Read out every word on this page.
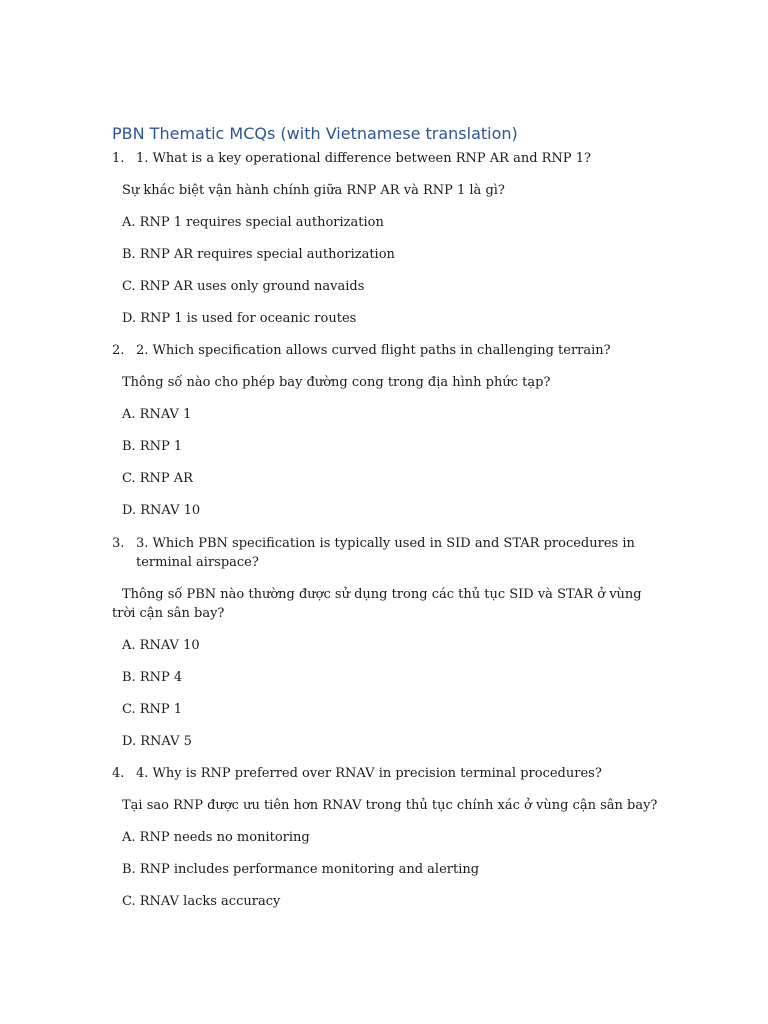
PBN Thematic MCQs (with Vietnamese translation)
1. 1. What is a key operational difference between RNP AR and RNP 1?
Sự khác biệt vận hành chính giữa RNP AR và RNP 1 là gì?
A. RNP 1 requires special authorization
B. RNP AR requires special authorization
C. RNP AR uses only ground navaids
D. RNP 1 is used for oceanic routes
2. 2. Which specification allows curved flight paths in challenging terrain?
Thông số nào cho phép bay đường cong trong địa hình phức tạp?
A. RNAV 1
B. RNP 1
C. RNP AR
D. RNAV 10
3. 3. Which PBN specification is typically used in SID and STAR procedures in terminal airspace?
Thông số PBN nào thường được sử dụng trong các thủ tục SID và STAR ở vùng trời cận sân bay?
A. RNAV 10
B. RNP 4
C. RNP 1
D. RNAV 5
4. 4. Why is RNP preferred over RNAV in precision terminal procedures?
Tại sao RNP được ưu tiên hơn RNAV trong thủ tục chính xác ở vùng cận sân bay?
A. RNP needs no monitoring
B. RNP includes performance monitoring and alerting
C. RNAV lacks accuracy
